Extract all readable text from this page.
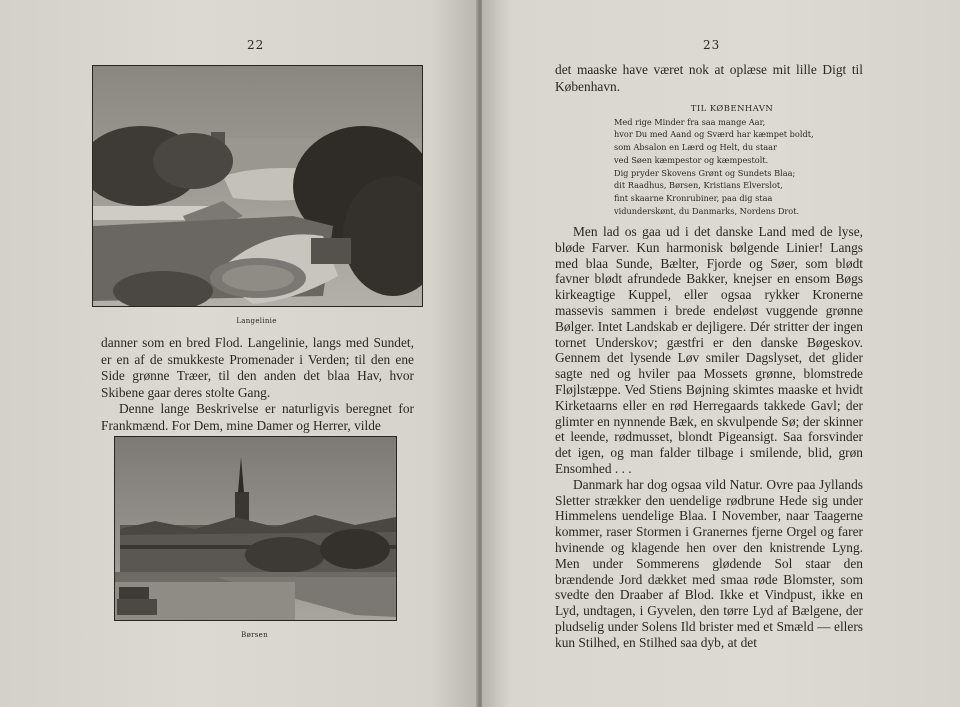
22
Langelinie

danner som en bred Flod. Langelinie, langs med Sundet, er en af de smukkeste Promenader i Verden; til den ene Side grønne Træer, til den anden det blaa Hav, hvor Skibene gaar deres stolte Gang.

Denne lange Beskrivelse er naturligvis beregnet for Frankmænd. For Dem, mine Damer og Herrer, vilde

Børsen
23

det maaske have været nok at oplæse mit lille Digt til København.

TIL KØBENHAVN
Med rige Minder fra saa mange Aar,
hvor Du med Aand og Sværd har kæmpet boldt,
som Absalon en Lærd og Helt, du staar
ved Søen kæmpestor og kæmpestolt.
Dig pryder Skovens Grønt og Sundets Blaa;
dit Raadhus, Børsen, Kristians Elverslot,
fint skaarne Kronrubiner, paa dig staa
vidunderskønt, du Danmarks, Nordens Drot.

Men lad os gaa ud i det danske Land med de lyse, bløde Farver. Kun harmonisk bølgende Linier! Langs med blaa Sunde, Bælter, Fjorde og Søer, som blødt favner blødt afrundede Bakker, knejser en ensom Bøgs kirkeagtige Kuppel, eller ogsaa rykker Kronerne massevis sammen i brede endeløst vuggende grønne Bølger. Intet Landskab er dejligere. Dér stritter der ingen tornet Underskov; gæstfri er den danske Bøgeskov. Gennem det lysende Løv smiler Dagslyset, det glider sagte ned og hviler paa Mossets grønne, blomstrede Fløjlstæppe. Ved Stiens Bøjning skimtes maaske et hvidt Kirketaarns eller en rød Herregaards takkede Gavl; der glimter en nynnende Bæk, en skvulpende Sø; der skinner et leende, rødmusset, blondt Pigeansigt. Saa forsvinder det igen, og man falder tilbage i smilende, blid, grøn Ensomhed . . .

Danmark har dog ogsaa vild Natur. Ovre paa Jyllands Sletter strækker den uendelige rødbrune Hede sig under Himmelens uendelige Blaa. I November, naar Taagerne kommer, raser Stormen i Granernes fjerne Orgel og farer hvinende og klagende hen over den knistrende Lyng. Men under Sommerens glødende Sol staar den brændende Jord dækket med smaa røde Blomster, som svedte den Draaber af Blod. Ikke et Vindpust, ikke en Lyd, undtagen, i Gyvelen, den tørre Lyd af Bælgene, der pludselig under Solens Ild brister med et Smæld — ellers kun Stilhed, en Stilhed saa dyb, at det
